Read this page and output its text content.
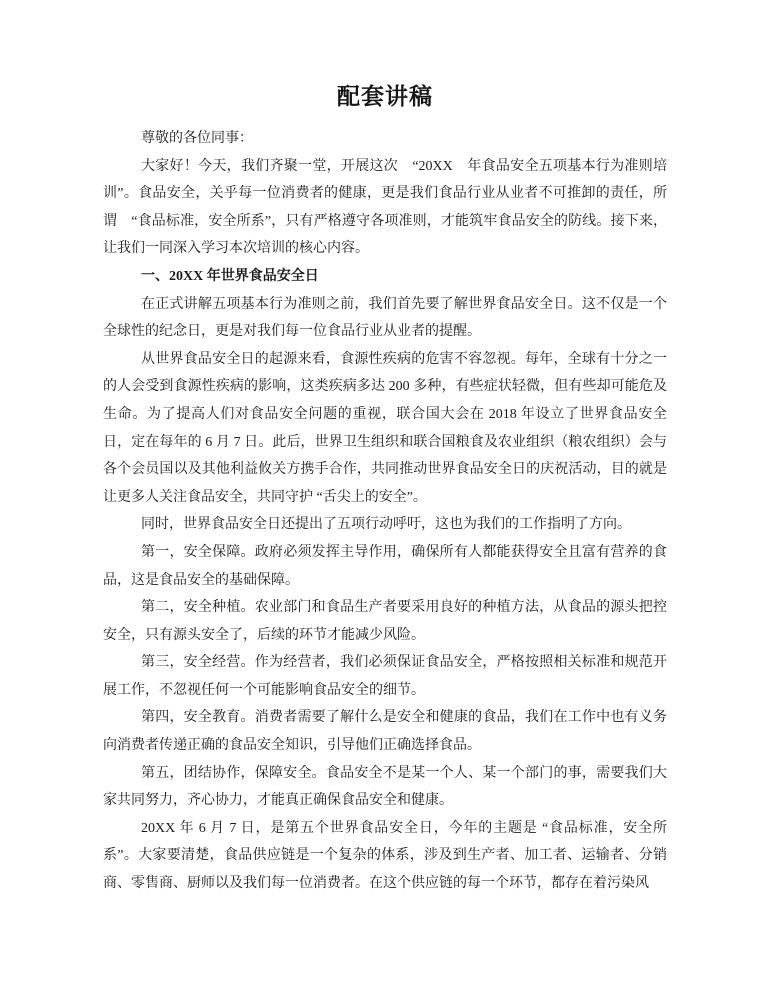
配套讲稿

尊敬的各位同事：

大家好！今天，我们齐聚一堂，开展这次　“20XX　年食品安全五项基本行为准则培训”。食品安全，关乎每一位消费者的健康，更是我们食品行业从业者不可推卸的责任，所谓　“食品标准，安全所系”，只有严格遵守各项准则，才能筑牢食品安全的防线。接下来，让我们一同深入学习本次培训的核心内容。

一、20XX 年世界食品安全日

在正式讲解五项基本行为准则之前，我们首先要了解世界食品安全日。这不仅是一个全球性的纪念日，更是对我们每一位食品行业从业者的提醒。

从世界食品安全日的起源来看，食源性疾病的危害不容忽视。每年，全球有十分之一的人会受到食源性疾病的影响，这类疾病多达 200 多种，有些症状轻微，但有些却可能危及生命。为了提高人们对食品安全问题的重视，联合国大会在 2018 年设立了世界食品安全日，定在每年的 6 月 7 日。此后，世界卫生组织和联合国粮食及农业组织（粮农组织）会与各个会员国以及其他利益攸关方携手合作，共同推动世界食品安全日的庆祝活动，目的就是让更多人关注食品安全，共同守护 “舌尖上的安全”。

同时，世界食品安全日还提出了五项行动呼吁，这也为我们的工作指明了方向。

第一，安全保障。政府必须发挥主导作用，确保所有人都能获得安全且富有营养的食品，这是食品安全的基础保障。

第二，安全种植。农业部门和食品生产者要采用良好的种植方法，从食品的源头把控安全，只有源头安全了，后续的环节才能减少风险。

第三，安全经营。作为经营者，我们必须保证食品安全，严格按照相关标准和规范开展工作，不忽视任何一个可能影响食品安全的细节。

第四，安全教育。消费者需要了解什么是安全和健康的食品，我们在工作中也有义务向消费者传递正确的食品安全知识，引导他们正确选择食品。

第五，团结协作，保障安全。食品安全不是某一个人、某一个部门的事，需要我们大家共同努力，齐心协力，才能真正确保食品安全和健康。

20XX 年 6 月 7 日，是第五个世界食品安全日，今年的主题是 “食品标准，安全所系”。大家要清楚，食品供应链是一个复杂的体系，涉及到生产者、加工者、运输者、分销商、零售商、厨师以及我们每一位消费者。在这个供应链的每一个环节，都存在着污染风
